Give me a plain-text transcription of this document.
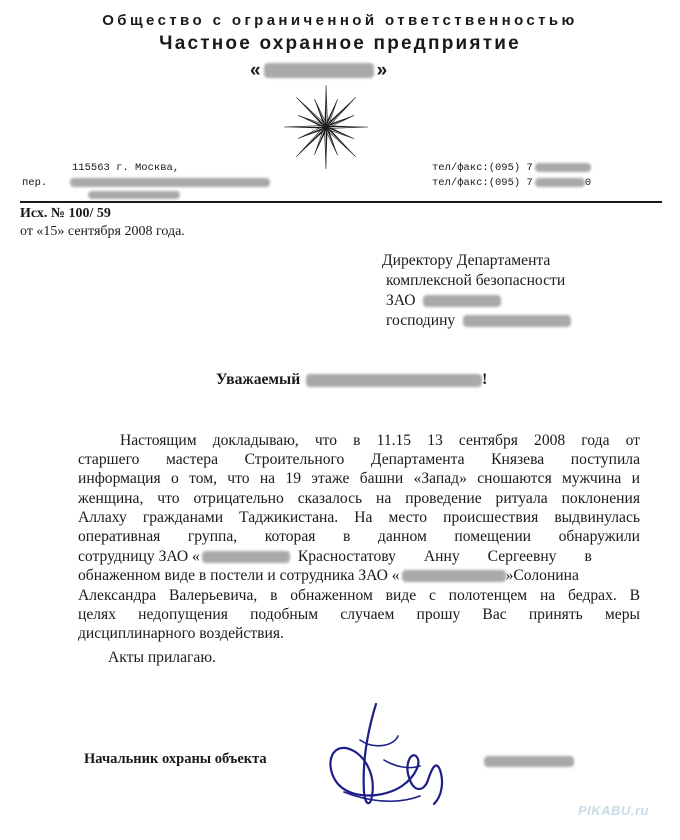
Общество с ограниченной ответственностью
Частное охранное предприятие
«	»
115563 г. Москва,
пер.
тел/факс:(095) 7
тел/факс:(095) 7	0
Исх. № 100/ 59
от «15» сентября 2008 года.
Директору Департамента
комплексной безопасности
ЗАО
господину
Уважаемый	!
Настоящим докладываю, что в 11.15 13 сентября 2008 года от
старшего мастера Строительного Департамента Князева поступила
информация о том, что на 19 этаже башни «Запад» сношаются мужчина и
женщина, что отрицательно сказалось на проведение ритуала поклонения
Аллаху гражданами Таджикистана. На место происшествия выдвинулась
оперативная группа, которая в данном помещении обнаружили
сотрудницу ЗАО «	Красностатову Анну Сергеевну в
обнаженном виде в постели и сотрудника ЗАО «	»Солонина
Александра Валерьевича, в обнаженном виде с полотенцем на бедрах. В
целях недопущения подобным случаем прошу Вас принять меры
дисциплинарного воздействия.
Акты прилагаю.
Начальник охраны объекта
PIKABU.ru
